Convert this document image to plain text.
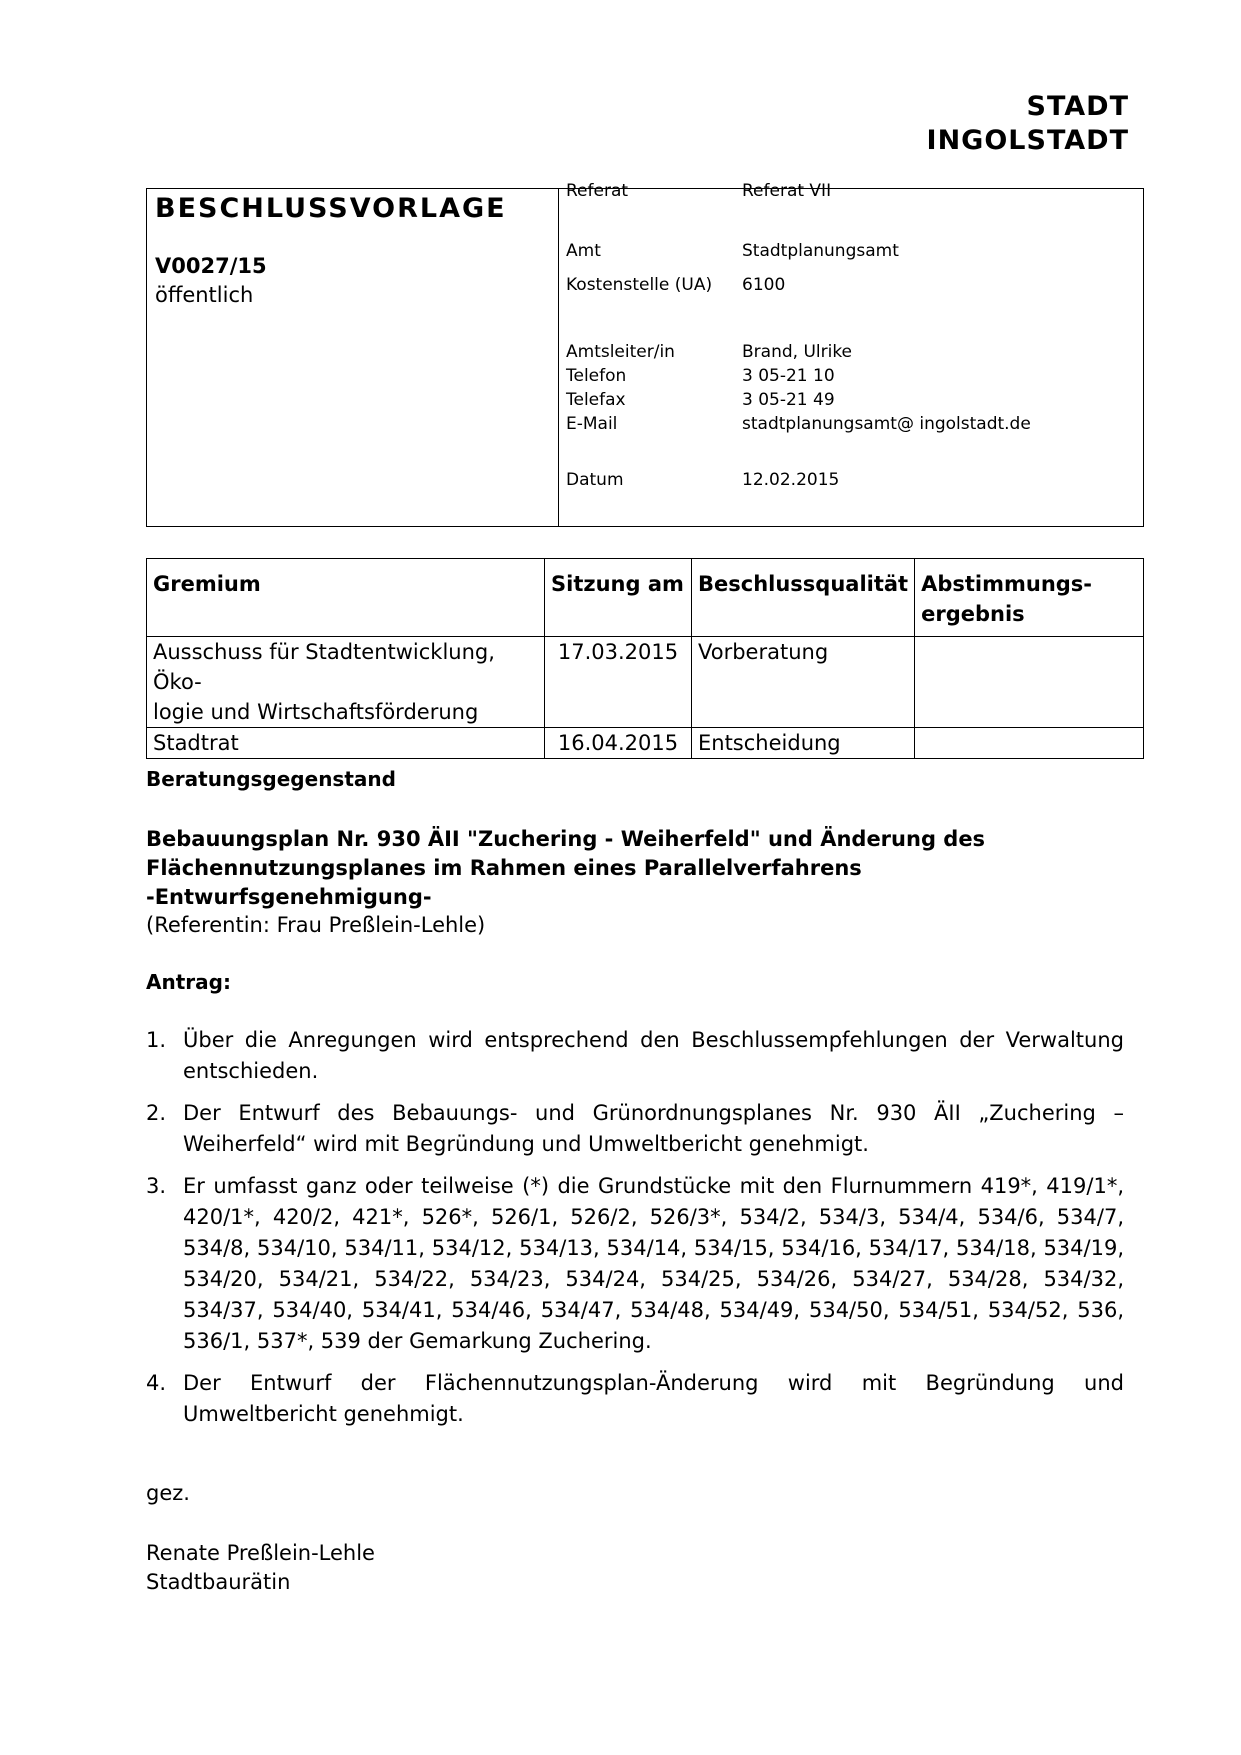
STADT
INGOLSTADT
BESCHLUSSVORLAGE
V0027/15
öffentlich
Referat	Referat VII
Amt	Stadtplanungsamt
Kostenstelle (UA) 6100
Amtsleiter/in	Brand, Ulrike
Telefon	3 05-21 10
Telefax	3 05-21 49
E-Mail	stadtplanungsamt@ ingolstadt.de
Datum	12.02.2015
Gremium	Sitzung am	Beschlussqualität	Abstimmungs-
ergebnis

Ausschuss für Stadtentwicklung, Öko-
logie und Wirtschaftsförderung	17.03.2015	Vorberatung	
Stadtrat	16.04.2015	Entscheidung	
Beratungsgegenstand
Bebauungsplan Nr. 930 ÄII "Zuchering - Weiherfeld" und Änderung des
Flächennutzungsplanes im Rahmen eines Parallelverfahrens
-Entwurfsgenehmigung-
(Referentin: Frau Preßlein-Lehle)
Antrag:
1. Über die Anregungen wird entsprechend den Beschlussempfehlungen der Verwaltung entschieden.
2. Der Entwurf des Bebauungs- und Grünordnungsplanes Nr. 930 ÄII „Zuchering – Weiherfeld“ wird mit Begründung und Umweltbericht genehmigt.
3. Er umfasst ganz oder teilweise (*) die Grundstücke mit den Flurnummern 419*, 419/1*, 420/1*, 420/2, 421*, 526*, 526/1, 526/2, 526/3*, 534/2, 534/3, 534/4, 534/6, 534/7, 534/8, 534/10, 534/11, 534/12, 534/13, 534/14, 534/15, 534/16, 534/17, 534/18, 534/19, 534/20, 534/21, 534/22, 534/23, 534/24, 534/25, 534/26, 534/27, 534/28, 534/32, 534/37, 534/40, 534/41, 534/46, 534/47, 534/48, 534/49, 534/50, 534/51, 534/52, 536, 536/1, 537*, 539 der Gemarkung Zuchering.
4. Der Entwurf der Flächennutzungsplan-Änderung wird mit Begründung und Umweltbericht genehmigt.
gez.
Renate Preßlein-Lehle
Stadtbaurätin
